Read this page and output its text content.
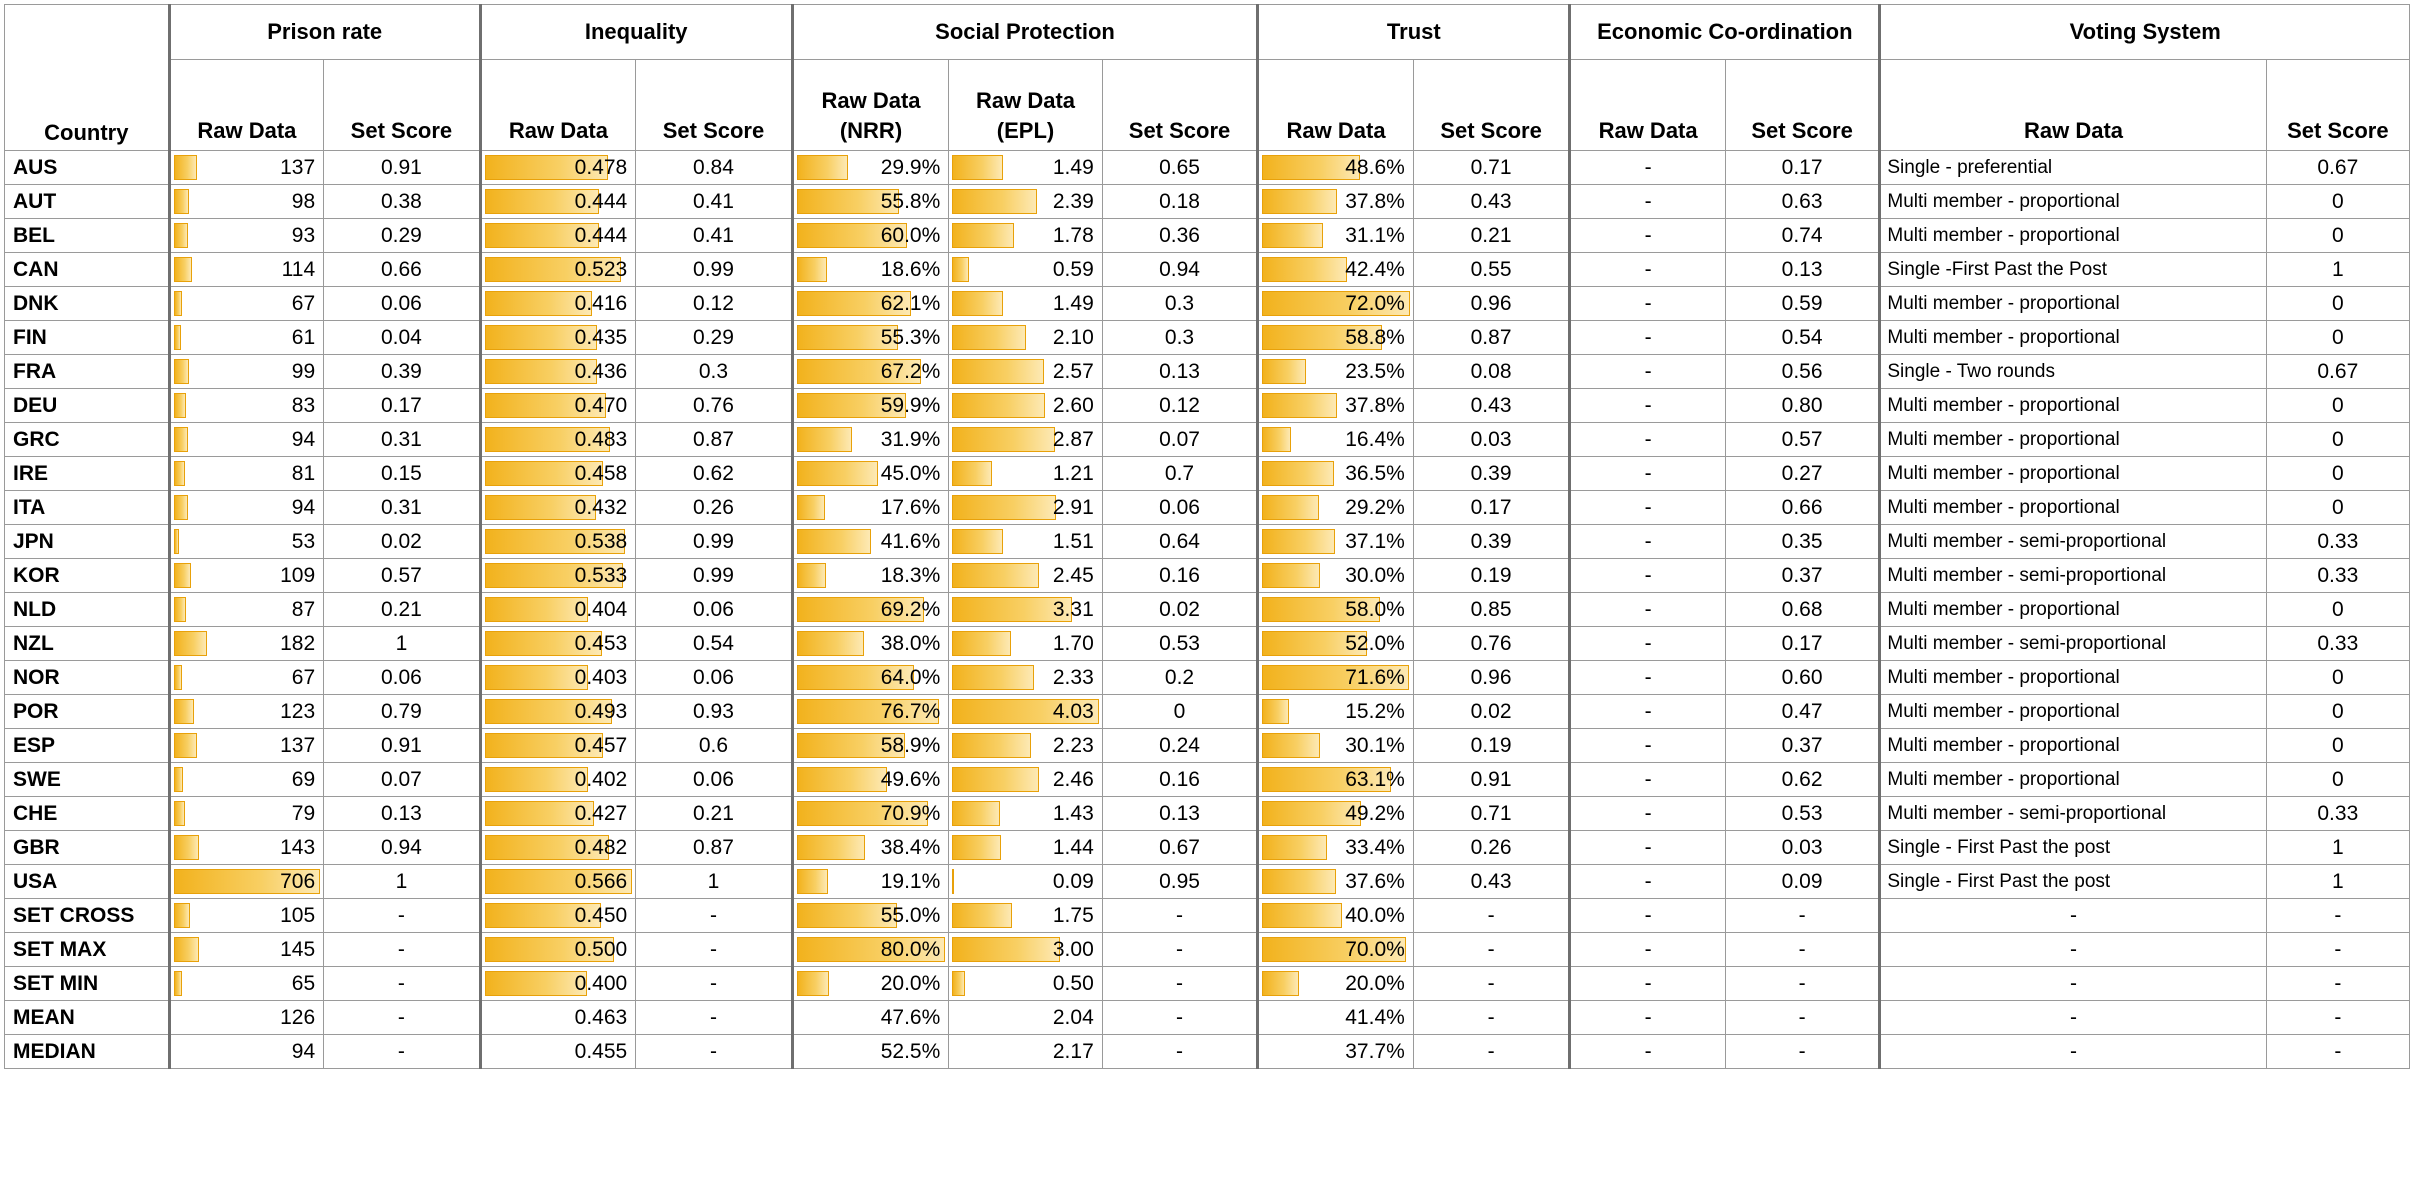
Country	Prison rate		Inequality		Social Protection			Trust		Economic Co-ordination		Voting System	
	Raw Data	Set Score	Raw Data	Set Score	Raw Data (NRR)	Raw Data (EPL)	Set Score	Raw Data	Set Score	Raw Data	Set Score	Raw Data	Set Score
AUS	137	0.91	0.478	0.84	29.9%	1.49	0.65	48.6%	0.71	-	0.17	Single - preferential	0.67
AUT	98	0.38	0.444	0.41	55.8%	2.39	0.18	37.8%	0.43	-	0.63	Multi member - proportional	0
BEL	93	0.29	0.444	0.41	60.0%	1.78	0.36	31.1%	0.21	-	0.74	Multi member - proportional	0
CAN	114	0.66	0.523	0.99	18.6%	0.59	0.94	42.4%	0.55	-	0.13	Single -First Past the Post	1
DNK	67	0.06	0.416	0.12	62.1%	1.49	0.3	72.0%	0.96	-	0.59	Multi member - proportional	0
FIN	61	0.04	0.435	0.29	55.3%	2.10	0.3	58.8%	0.87	-	0.54	Multi member - proportional	0
FRA	99	0.39	0.436	0.3	67.2%	2.57	0.13	23.5%	0.08	-	0.56	Single - Two rounds	0.67
DEU	83	0.17	0.470	0.76	59.9%	2.60	0.12	37.8%	0.43	-	0.80	Multi member - proportional	0
GRC	94	0.31	0.483	0.87	31.9%	2.87	0.07	16.4%	0.03	-	0.57	Multi member - proportional	0
IRE	81	0.15	0.458	0.62	45.0%	1.21	0.7	36.5%	0.39	-	0.27	Multi member - proportional	0
ITA	94	0.31	0.432	0.26	17.6%	2.91	0.06	29.2%	0.17	-	0.66	Multi member - proportional	0
JPN	53	0.02	0.538	0.99	41.6%	1.51	0.64	37.1%	0.39	-	0.35	Multi member - semi-proportional	0.33
KOR	109	0.57	0.533	0.99	18.3%	2.45	0.16	30.0%	0.19	-	0.37	Multi member - semi-proportional	0.33
NLD	87	0.21	0.404	0.06	69.2%	3.31	0.02	58.0%	0.85	-	0.68	Multi member - proportional	0
NZL	182	1	0.453	0.54	38.0%	1.70	0.53	52.0%	0.76	-	0.17	Multi member - semi-proportional	0.33
NOR	67	0.06	0.403	0.06	64.0%	2.33	0.2	71.6%	0.96	-	0.60	Multi member - proportional	0
POR	123	0.79	0.493	0.93	76.7%	4.03	0	15.2%	0.02	-	0.47	Multi member - proportional	0
ESP	137	0.91	0.457	0.6	58.9%	2.23	0.24	30.1%	0.19	-	0.37	Multi member - proportional	0
SWE	69	0.07	0.402	0.06	49.6%	2.46	0.16	63.1%	0.91	-	0.62	Multi member - proportional	0
CHE	79	0.13	0.427	0.21	70.9%	1.43	0.13	49.2%	0.71	-	0.53	Multi member - semi-proportional	0.33
GBR	143	0.94	0.482	0.87	38.4%	1.44	0.67	33.4%	0.26	-	0.03	Single - First Past the post	1
USA	706	1	0.566	1	19.1%	0.09	0.95	37.6%	0.43	-	0.09	Single - First Past the post	1
SET CROSS	105	-	0.450	-	55.0%	1.75	-	40.0%	-	-	-	-	-
SET MAX	145	-	0.500	-	80.0%	3.00	-	70.0%	-	-	-	-	-
SET MIN	65	-	0.400	-	20.0%	0.50	-	20.0%	-	-	-	-	-
MEAN	126	-	0.463	-	47.6%	2.04	-	41.4%	-	-	-	-	-
MEDIAN	94	-	0.455	-	52.5%	2.17	-	37.7%	-	-	-	-	-
